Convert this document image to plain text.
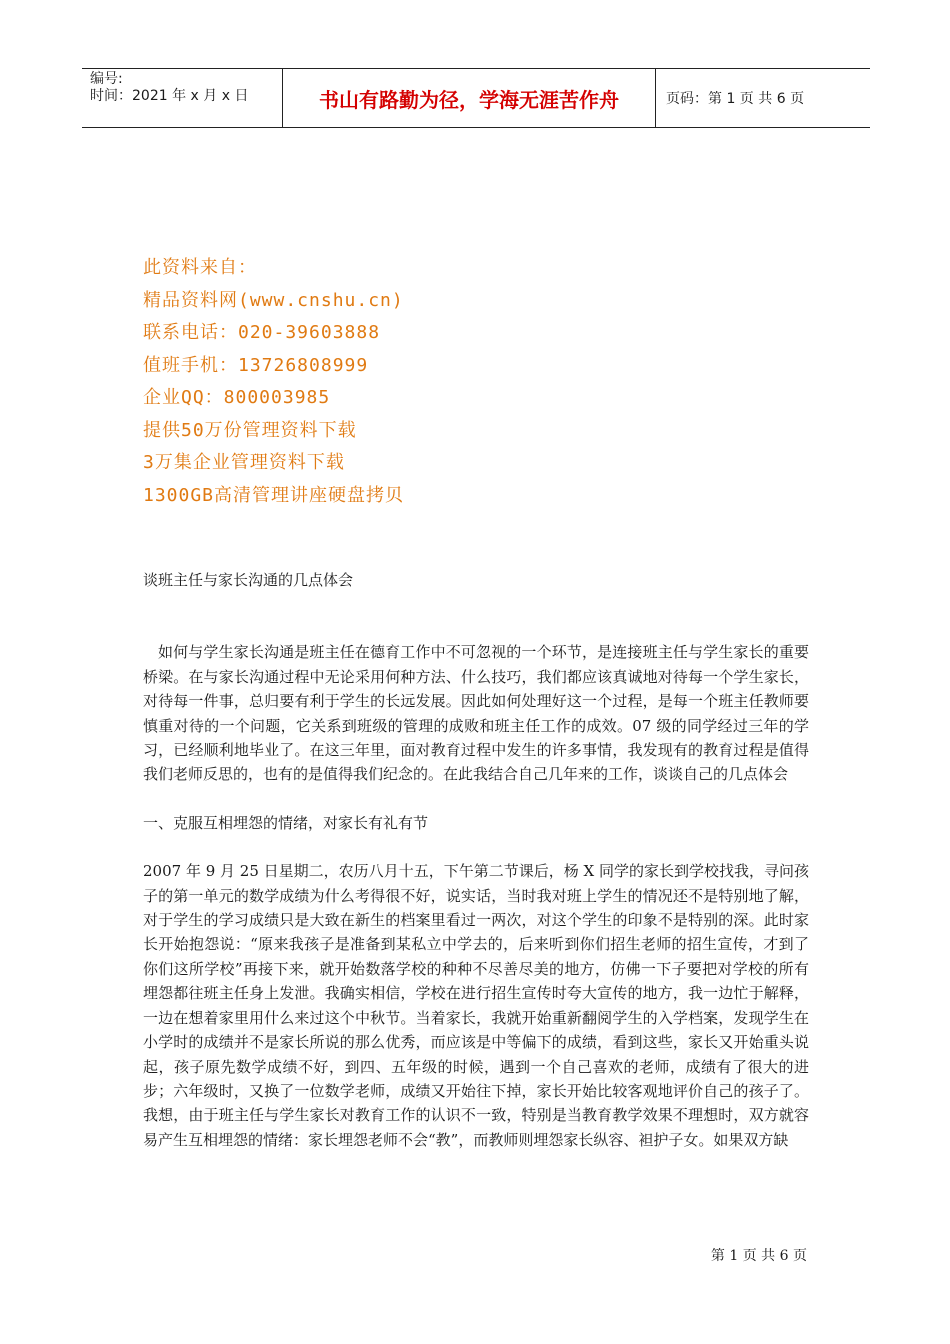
编号:
时间：2021 年 x 月 x 日	书山有路勤为径，学海无涯苦作舟	页码：第 1 页 共 6 页
此资料来自：
精品资料网(www.cnshu.cn)
联系电话：020-39603888
值班手机：13726808999
企业QQ：800003985
提供50万份管理资料下载
3万集企业管理资料下载
1300GB高清管理讲座硬盘拷贝

谈班主任与家长沟通的几点体会

如何与学生家长沟通是班主任在德育工作中不可忽视的一个环节，是连接班主任与学生家长的重要桥梁。在与家长沟通过程中无论采用何种方法、什么技巧，我们都应该真诚地对待每一个学生家长，对待每一件事，总归要有利于学生的长远发展。因此如何处理好这一个过程，是每一个班主任教师要慎重对待的一个问题，它关系到班级的管理的成败和班主任工作的成效。07 级的同学经过三年的学习，已经顺利地毕业了。在这三年里，面对教育过程中发生的许多事情，我发现有的教育过程是值得我们老师反思的，也有的是值得我们纪念的。在此我结合自己几年来的工作，谈谈自己的几点体会

一、克服互相埋怨的情绪，对家长有礼有节

2007 年 9 月 25 日星期二，农历八月十五，下午第二节课后，杨 X 同学的家长到学校找我，寻问孩子的第一单元的数学成绩为什么考得很不好，说实话，当时我对班上学生的情况还不是特别地了解，对于学生的学习成绩只是大致在新生的档案里看过一两次，对这个学生的印象不是特别的深。此时家长开始抱怨说：“原来我孩子是准备到某私立中学去的，后来听到你们招生老师的招生宣传，才到了你们这所学校”再接下来，就开始数落学校的种种不尽善尽美的地方，仿佛一下子要把对学校的所有埋怨都往班主任身上发泄。我确实相信，学校在进行招生宣传时夸大宣传的地方，我一边忙于解释，一边在想着家里用什么来过这个中秋节。当着家长，我就开始重新翻阅学生的入学档案，发现学生在小学时的成绩并不是家长所说的那么优秀，而应该是中等偏下的成绩，看到这些，家长又开始重头说起，孩子原先数学成绩不好，到四、五年级的时候，遇到一个自己喜欢的老师，成绩有了很大的进步；六年级时，又换了一位数学老师，成绩又开始往下掉，家长开始比较客观地评价自己的孩子了。我想，由于班主任与学生家长对教育工作的认识不一致，特别是当教育教学效果不理想时，双方就容易产生互相埋怨的情绪：家长埋怨老师不会“教”，而教师则埋怨家长纵容、袒护子女。如果双方缺

第 1 页 共 6 页
